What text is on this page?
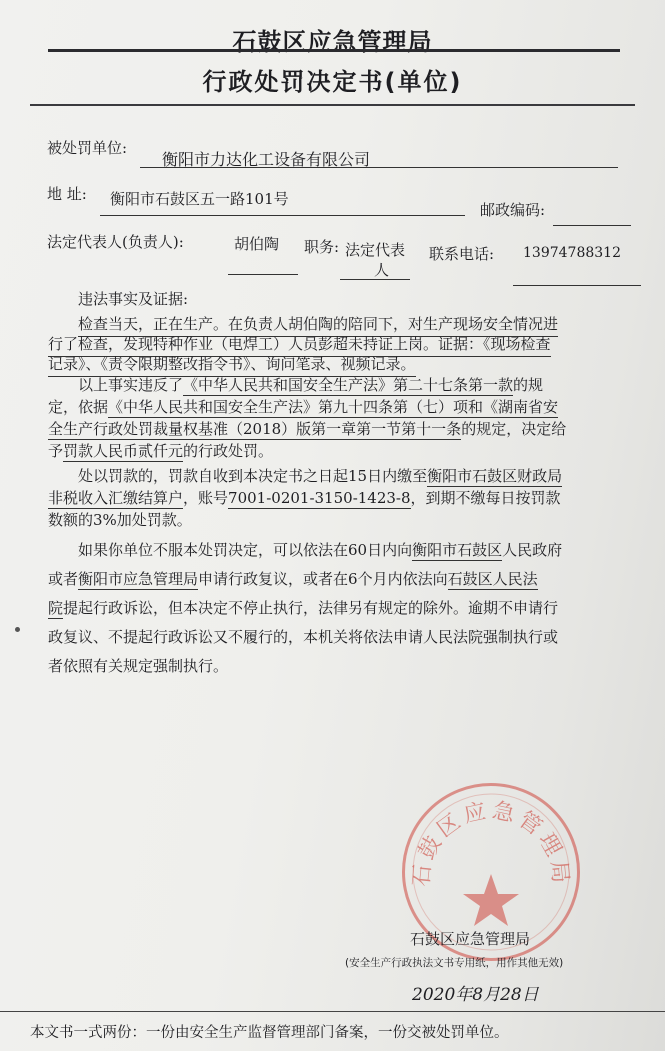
石鼓区应急管理局
行政处罚决定书(单位)
被处罚单位:
衡阳市力达化工设备有限公司
地 址: 衡阳市石鼓区五一路101号
邮政编码:
法定代表人(负责人):	胡伯陶 职务: 法定代表
人
联系电话: 13974788312
违法事实及证据:
检查当天，正在生产。在负责人胡伯陶的陪同下，对生产现场安全情况进
行了检查，发现特种作业（电焊工）人员彭超未持证上岗。证据：《现场检查
记录》、《责令限期整改指令书》、询问笔录、视频记录。
以上事实违反了《中华人民共和国安全生产法》第二十七条第一款的规
定，依据《中华人民共和国安全生产法》第九十四条第（七）项和《湖南省安
全生产行政处罚裁量权基准（2018）版第一章第一节第十一条的规定，决定给
予罚款人民币贰仟元的行政处罚。
处以罚款的，罚款自收到本决定书之日起15日内缴至衡阳市石鼓区财政局
非税收入汇缴结算户，账号7001-0201-3150-1423-8，到期不缴每日按罚款
数额的3%加处罚款。
如果你单位不服本处罚决定，可以依法在60日内向衡阳市石鼓区人民政府
或者衡阳市应急管理局申请行政复议，或者在6个月内依法向石鼓区人民法
院提起行政诉讼，但本决定不停止执行，法律另有规定的除外。逾期不申请行
政复议、不提起行政诉讼又不履行的，本机关将依法申请人民法院强制执行或
者依照有关规定强制执行。
石鼓区应急管理局
石鼓区应急管理局
(安全生产行政执法文书专用纸，用作其他无效)
2020年8月28日
本文书一式两份：一份由安全生产监督管理部门备案，一份交被处罚单位。
